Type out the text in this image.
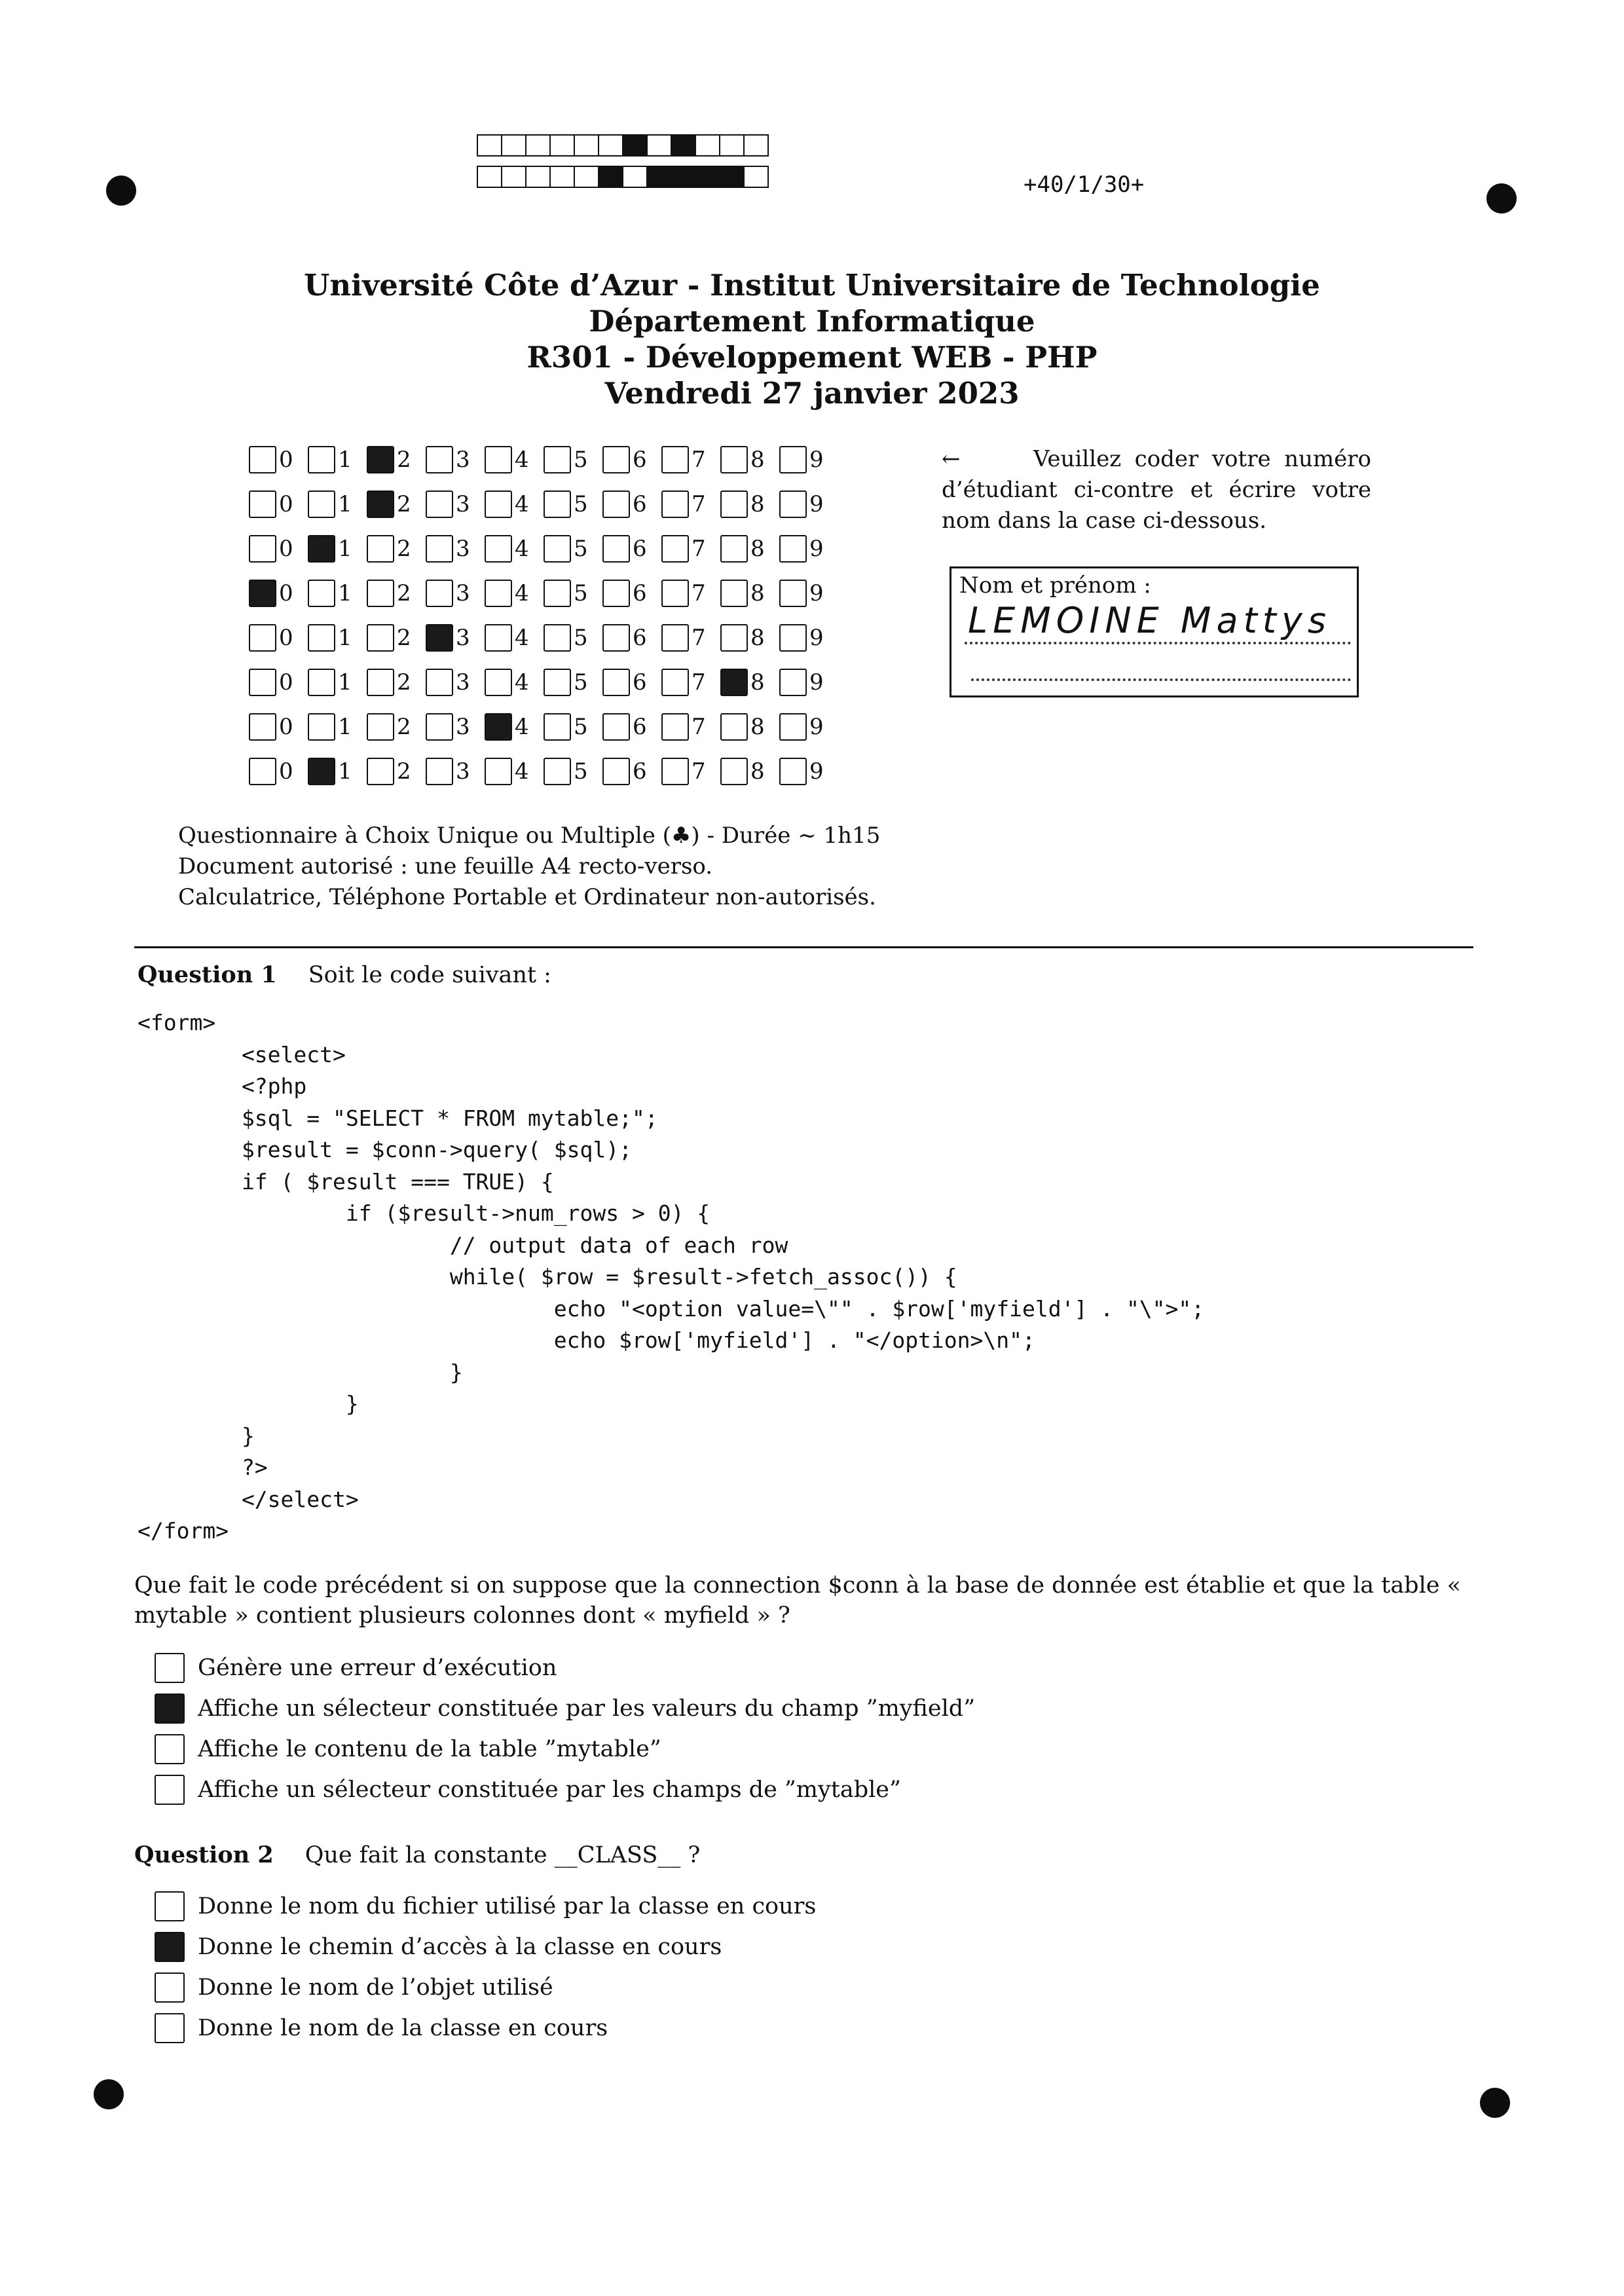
+40/1/30+
Université Côte d’Azur - Institut Universitaire de Technologie
Département Informatique
R301 - Développement WEB - PHP
Vendredi 27 janvier 2023
0 1 2 3 4 5 6 7 8 9
0 1 2 3 4 5 6 7 8 9
0 1 2 3 4 5 6 7 8 9
0 1 2 3 4 5 6 7 8 9
0 1 2 3 4 5 6 7 8 9
0 1 2 3 4 5 6 7 8 9
0 1 2 3 4 5 6 7 8 9
0 1 2 3 4 5 6 7 8 9
←	Veuillez coder votre numéro d’étudiant ci-contre et écrire votre nom dans la case ci-dessous.
Nom et prénom :
LEMOINE Mattys
Questionnaire à Choix Unique ou Multiple (♣) - Durée ~ 1h15
Document autorisé : une feuille A4 recto-verso.
Calculatrice, Téléphone Portable et Ordinateur non-autorisés.
Question 1 Soit le code suivant :
<form>
<select>
<?php
$sql = "SELECT * FROM mytable;";
$result = $conn->query( $sql);
if ( $result === TRUE) {
if ($result->num_rows > 0) {
// output data of each row
while( $row = $result->fetch_assoc()) {
echo "<option value=\"" . $row['myfield'] . "\">";
echo $row['myfield'] . "</option>\n";
}
}
}
?>
</select>
</form>
Que fait le code précédent si on suppose que la connection $conn à la base de donnée est établie et que la table « mytable » contient plusieurs colonnes dont « myfield » ?
Génère une erreur d’exécution
Affiche un sélecteur constituée par les valeurs du champ ”myfield”
Affiche le contenu de la table ”mytable”
Affiche un sélecteur constituée par les champs de ”mytable”
Question 2 Que fait la constante __CLASS__ ?
Donne le nom du fichier utilisé par la classe en cours
Donne le chemin d’accès à la classe en cours
Donne le nom de l’objet utilisé
Donne le nom de la classe en cours
